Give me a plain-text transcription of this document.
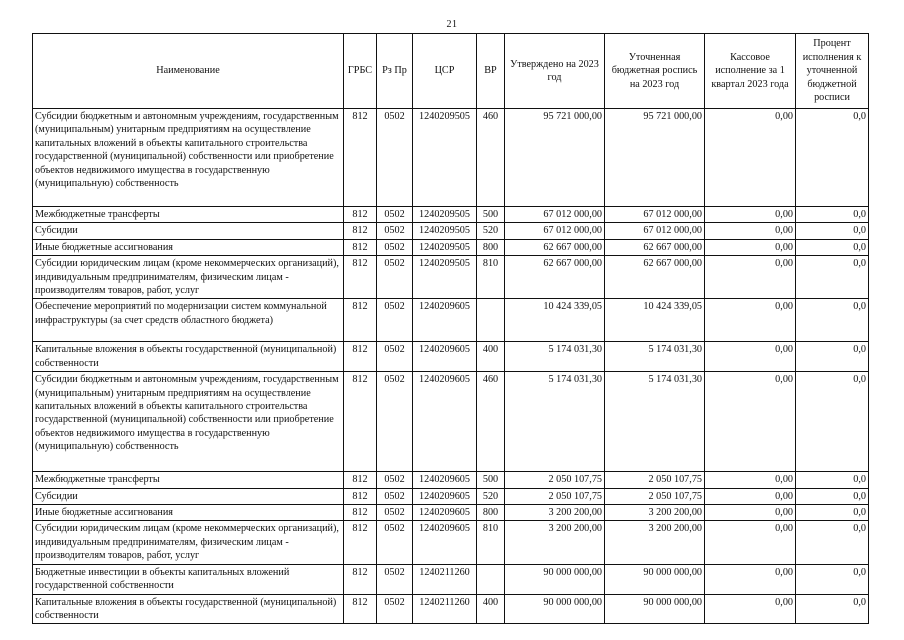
21
Наименование	ГРБС	Рз Пр	ЦСР	ВР	Утверждено на 2023 год	Уточненная бюджетная роспись на 2023 год	Кассовое исполнение за 1 квартал 2023 года	Процент исполнения к уточненной бюджетной росписи
Субсидии бюджетным и автономным учреждениям, государственным (муниципальным) унитарным предприятиям на осуществление капитальных вложений в объекты капитального строительства государственной (муниципальной) собственности или приобретение объектов недвижимого имущества в государственную (муниципальную) собственность	812	0502	1240209505	460	95 721 000,00	95 721 000,00	0,00	0,0
Межбюджетные трансферты	812	0502	1240209505	500	67 012 000,00	67 012 000,00	0,00	0,0
Субсидии	812	0502	1240209505	520	67 012 000,00	67 012 000,00	0,00	0,0
Иные бюджетные ассигнования	812	0502	1240209505	800	62 667 000,00	62 667 000,00	0,00	0,0
Субсидии юридическим лицам (кроме некоммерческих организаций), индивидуальным предпринимателям, физическим лицам - производителям товаров, работ, услуг	812	0502	1240209505	810	62 667 000,00	62 667 000,00	0,00	0,0
Обеспечение мероприятий по модернизации систем коммунальной инфраструктуры (за счет средств областного бюджета)	812	0502	1240209605		10 424 339,05	10 424 339,05	0,00	0,0
Капитальные вложения в объекты государственной (муниципальной) собственности	812	0502	1240209605	400	5 174 031,30	5 174 031,30	0,00	0,0
Субсидии бюджетным и автономным учреждениям, государственным (муниципальным) унитарным предприятиям на осуществление капитальных вложений в объекты капитального строительства государственной (муниципальной) собственности или приобретение объектов недвижимого имущества в государственную (муниципальную) собственность	812	0502	1240209605	460	5 174 031,30	5 174 031,30	0,00	0,0
Межбюджетные трансферты	812	0502	1240209605	500	2 050 107,75	2 050 107,75	0,00	0,0
Субсидии	812	0502	1240209605	520	2 050 107,75	2 050 107,75	0,00	0,0
Иные бюджетные ассигнования	812	0502	1240209605	800	3 200 200,00	3 200 200,00	0,00	0,0
Субсидии юридическим лицам (кроме некоммерческих организаций), индивидуальным предпринимателям, физическим лицам - производителям товаров, работ, услуг	812	0502	1240209605	810	3 200 200,00	3 200 200,00	0,00	0,0
Бюджетные инвестиции в объекты капитальных вложений государственной собственности	812	0502	1240211260		90 000 000,00	90 000 000,00	0,00	0,0
Капитальные вложения в объекты государственной (муниципальной) собственности	812	0502	1240211260	400	90 000 000,00	90 000 000,00	0,00	0,0
